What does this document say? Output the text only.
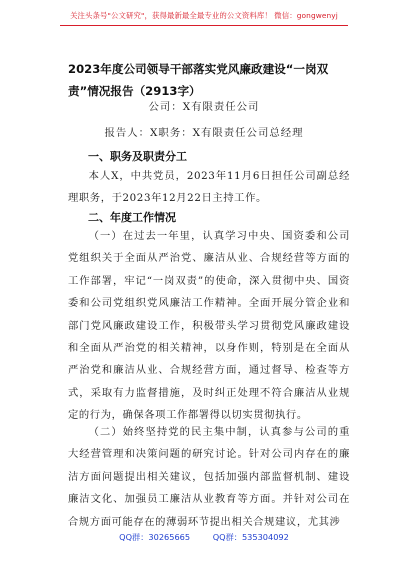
关注头条号"公文研究"，获得最新最全最专业的公文资料库！ 微信：gongwenyj
2023年度公司领导干部落实党风廉政建设“一岗双责”情况报告（2913字）
公司：X有限责任公司
报告人：X职务：X有限责任公司总经理
一、职务及职责分工
本人X，中共党员，2023年11月6日担任公司副总经理职务，于2023年12月22日主持工作。
二、年度工作情况
（一）在过去一年里，认真学习中央、国资委和公司党组织关于全面从严治党、廉洁从业、合规经营等方面的工作部署，牢记“一岗双责”的使命，深入贯彻中央、国资委和公司党组织党风廉洁工作精神。全面开展分管企业和部门党风廉政建设工作，积极带头学习贯彻党风廉政建设和全面从严治党的相关精神，以身作则，特别是在全面从严治党和廉洁从业、合规经营方面，通过督导、检查等方式，采取有力监督措施，及时纠正处理不符合廉洁从业规定的行为，确保各项工作都署得以切实贯彻执行。
（二）始终坚持党的民主集中制，认真参与公司的重大经营管理和决策问题的研究讨论。针对公司内存在的廉洁方面问题提出相关建议，包括加强内部监督机制、建设廉洁文化、加强员工廉洁从业教育等方面。并针对公司在合规方面可能存在的薄弱环节提出相关合规建议，尤其涉
QQ群：30265665	QQ群：535304092
